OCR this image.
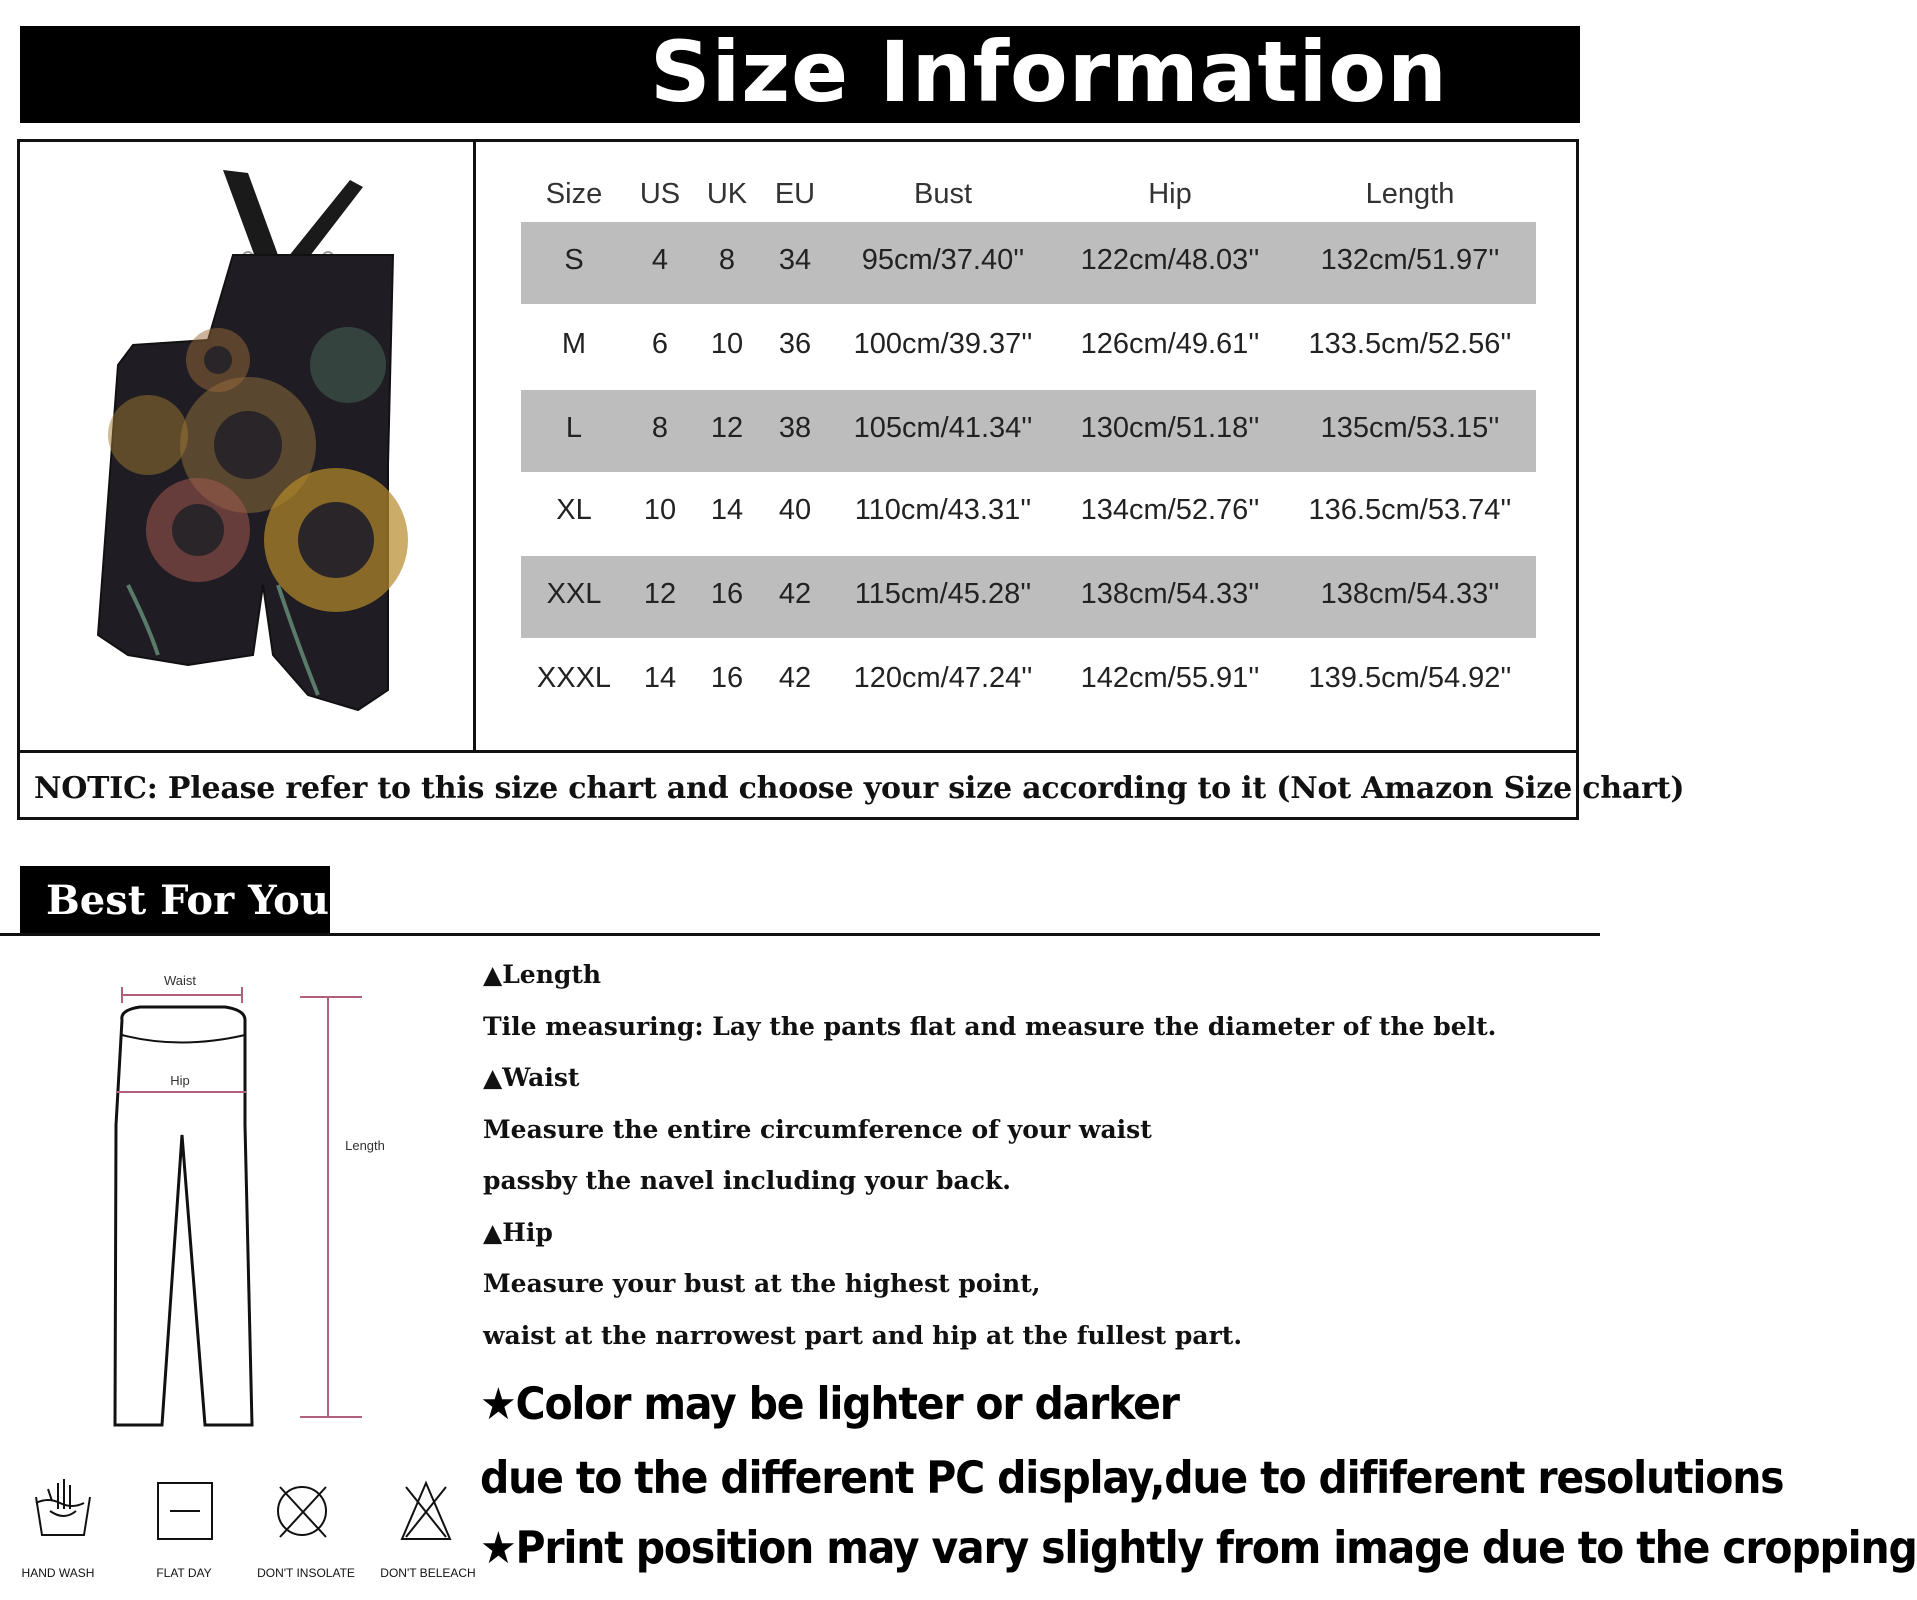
Size Information
Size	US UK EU	Bust	Hip	Length
S	4	8	34	95cm/37.40''	122cm/48.03''	132cm/51.97''
M	6	10	36	100cm/39.37''	126cm/49.61''	133.5cm/52.56''
L	8	12	38	105cm/41.34''	130cm/51.18''	135cm/53.15''
XL	10	14	40	110cm/43.31''	134cm/52.76''	136.5cm/53.74''
XXL	12	16	42	115cm/45.28''	138cm/54.33''	138cm/54.33''
XXXL	14	16	42	120cm/47.24''	142cm/55.91''	139.5cm/54.92''
NOTIC: Please refer to this size chart and choose your size according to it (Not Amazon Size chart)
Best For You
Waist
Hip
Length
▲Length
Tile measuring: Lay the pants flat and measure the diameter of the belt.
▲Waist
Measure the entire circumference of your waist
passby the navel including your back.
▲Hip
Measure your bust at the highest point,
waist at the narrowest part and hip at the fullest part.
★Color may be lighter or darker
due to the different PC display,due to dififerent resolutions
★Print position may vary slightly from image due to the cropping
HAND WASH	FLAT DAY	DON'T INSOLATE	DON'T BELEACH
